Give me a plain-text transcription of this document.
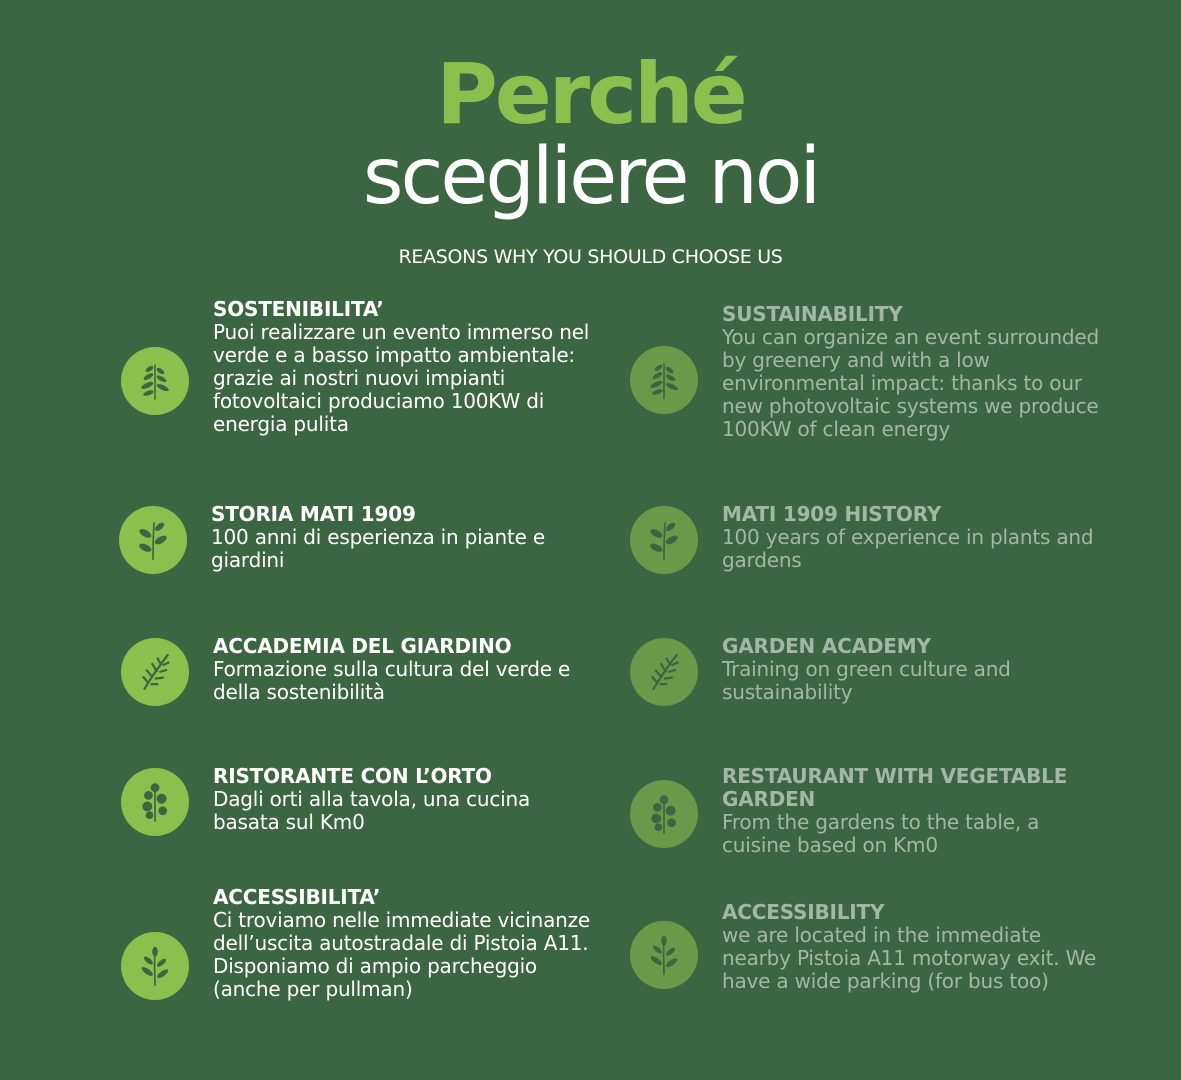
Perché
scegliere noi
REASONS WHY YOU SHOULD CHOOSE US
SOSTENIBILITA’
Puoi realizzare un evento immerso nel verde e a basso impatto ambientale: grazie ai nostri nuovi impianti fotovoltaici produciamo 100KW di energia pulita
STORIA MATI 1909
100 anni di esperienza in piante e giardini
ACCADEMIA DEL GIARDINO
Formazione sulla cultura del verde e della sostenibilità
RISTORANTE CON L’ORTO
Dagli orti alla tavola, una cucina basata sul Km0
ACCESSIBILITA’
Ci troviamo nelle immediate vicinanze dell’uscita autostradale di Pistoia A11. Disponiamo di ampio parcheggio (anche per pullman)
SUSTAINABILITY
You can organize an event surrounded by greenery and with a low environmental impact: thanks to our new photovoltaic systems we produce 100KW of clean energy
MATI 1909 HISTORY
100 years of experience in plants and gardens
GARDEN ACADEMY
Training on green culture and sustainability
RESTAURANT WITH VEGETABLE GARDEN
From the gardens to the table, a cuisine based on Km0
ACCESSIBILITY
we are located in the immediate nearby Pistoia A11 motorway exit. We have a wide parking (for bus too)
